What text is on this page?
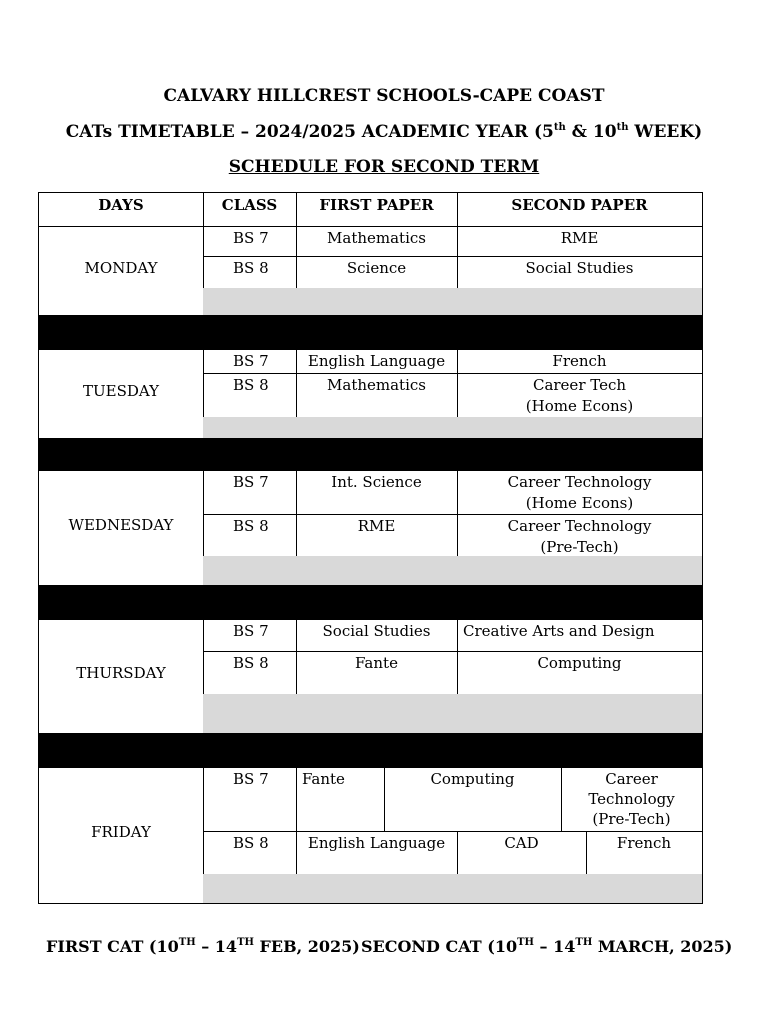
CALVARY HILLCREST SCHOOLS-CAPE COAST
CATs TIMETABLE – 2024/2025 ACADEMIC YEAR (5th & 10th WEEK)
SCHEDULE FOR SECOND TERM
DAYS	CLASS	FIRST PAPER	SECOND PAPER
MONDAY
BS 7	Mathematics	RME
BS 8	Science	Social Studies
TUESDAY
BS 7	English Language	French
BS 8	Mathematics	Career Tech
(Home Econs)
WEDNESDAY
BS 7	Int. Science	Career Technology
(Home Econs)
BS 8	RME	Career Technology
(Pre-Tech)
THURSDAY
BS 7	Social Studies	Creative Arts and Design
BS 8	Fante	Computing
FRIDAY
BS 7	Fante	Computing	Career
Technology
(Pre-Tech)
BS 8	English Language	CAD	French
FIRST CAT (10TH – 14TH FEB, 2025) SECOND CAT (10TH – 14TH MARCH, 2025)
